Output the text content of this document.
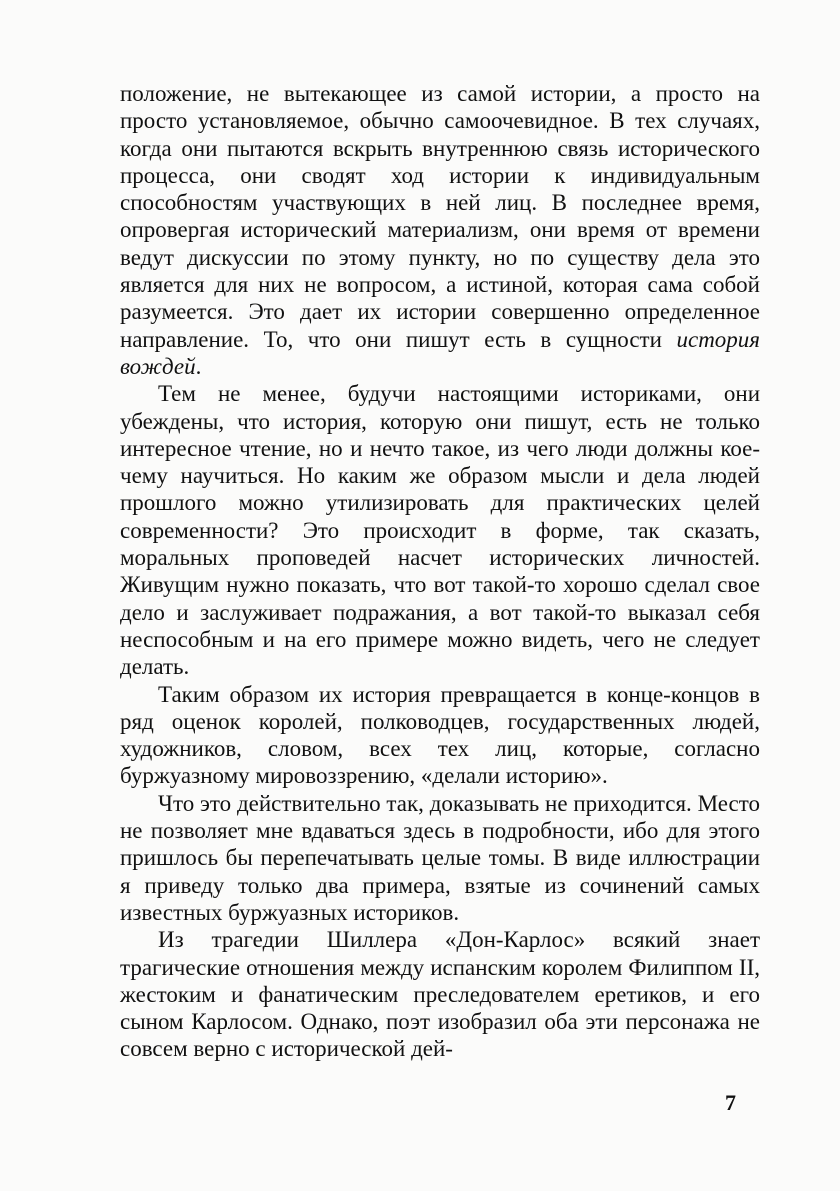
положение, не вытекающее из самой истории, а просто на просто установляемое, обычно самоочевидное. В тех случаях, когда они пытаются вскрыть внутреннюю связь исторического процесса, они сводят ход истории к индивидуальным способностям участвующих в ней лиц. В последнее время, опровергая исторический материализм, они время от времени ведут дискуссии по этому пункту, но по существу дела это является для них не вопросом, а истиной, которая сама собой разумеется. Это дает их истории совершенно определенное направление. То, что они пишут есть в сущности история вождей.

Тем не менее, будучи настоящими историками, они убеждены, что история, которую они пишут, есть не только интересное чтение, но и нечто такое, из чего люди должны кое-чему научиться. Но каким же образом мысли и дела людей прошлого можно утилизировать для практических целей современности? Это происходит в форме, так сказать, моральных проповедей насчет исторических личностей. Живущим нужно показать, что вот такой-то хорошо сделал свое дело и заслуживает подражания, а вот такой-то выказал себя неспособным и на его примере можно видеть, чего не следует делать.

Таким образом их история превращается в конце-концов в ряд оценок королей, полководцев, государственных людей, художников, словом, всех тех лиц, которые, согласно буржуазному мировоззрению, «делали историю».

Что это действительно так, доказывать не приходится. Место не позволяет мне вдаваться здесь в подробности, ибо для этого пришлось бы перепечатывать целые томы. В виде иллюстрации я приведу только два примера, взятые из сочинений самых известных буржуазных историков.

Из трагедии Шиллера «Дон-Карлос» всякий знает трагические отношения между испанским королем Филиппом II, жестоким и фанатическим преследователем еретиков, и его сыном Карлосом. Однако, поэт изобразил оба эти персонажа не совсем верно с исторической дей-

7
